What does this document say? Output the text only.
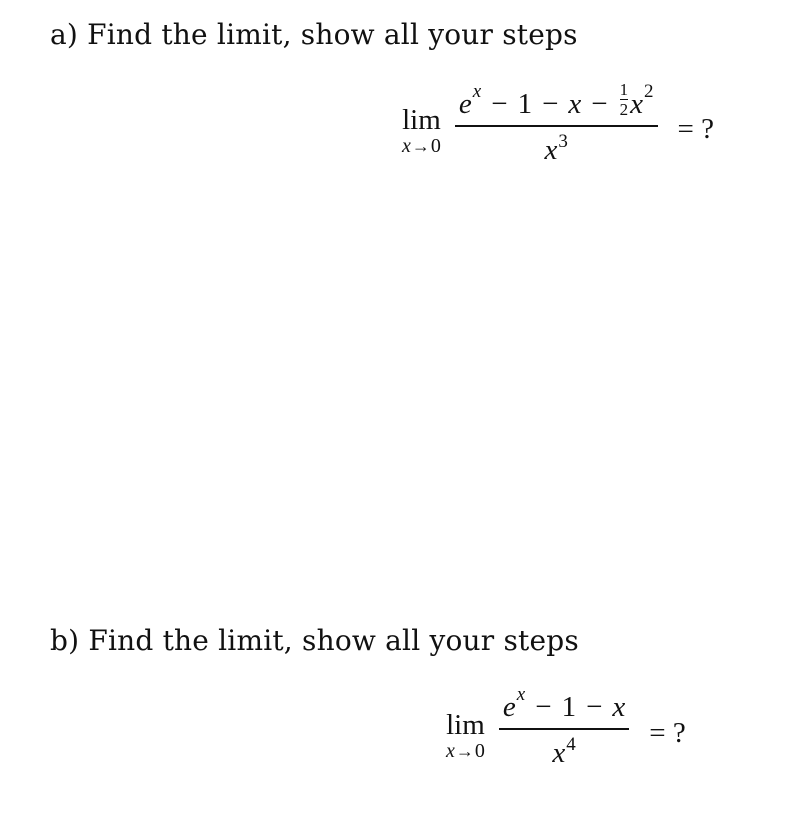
a) Find the limit, show all your steps
lim
x → 0
e $x - 1 - x - \frac{1}{2}$ x 2
$x^3$	= ?
b) Find the limit, show all your steps
lim
$x \to 0 \frac{\text{e x − 1 − x}}{x^4}$ = ?
